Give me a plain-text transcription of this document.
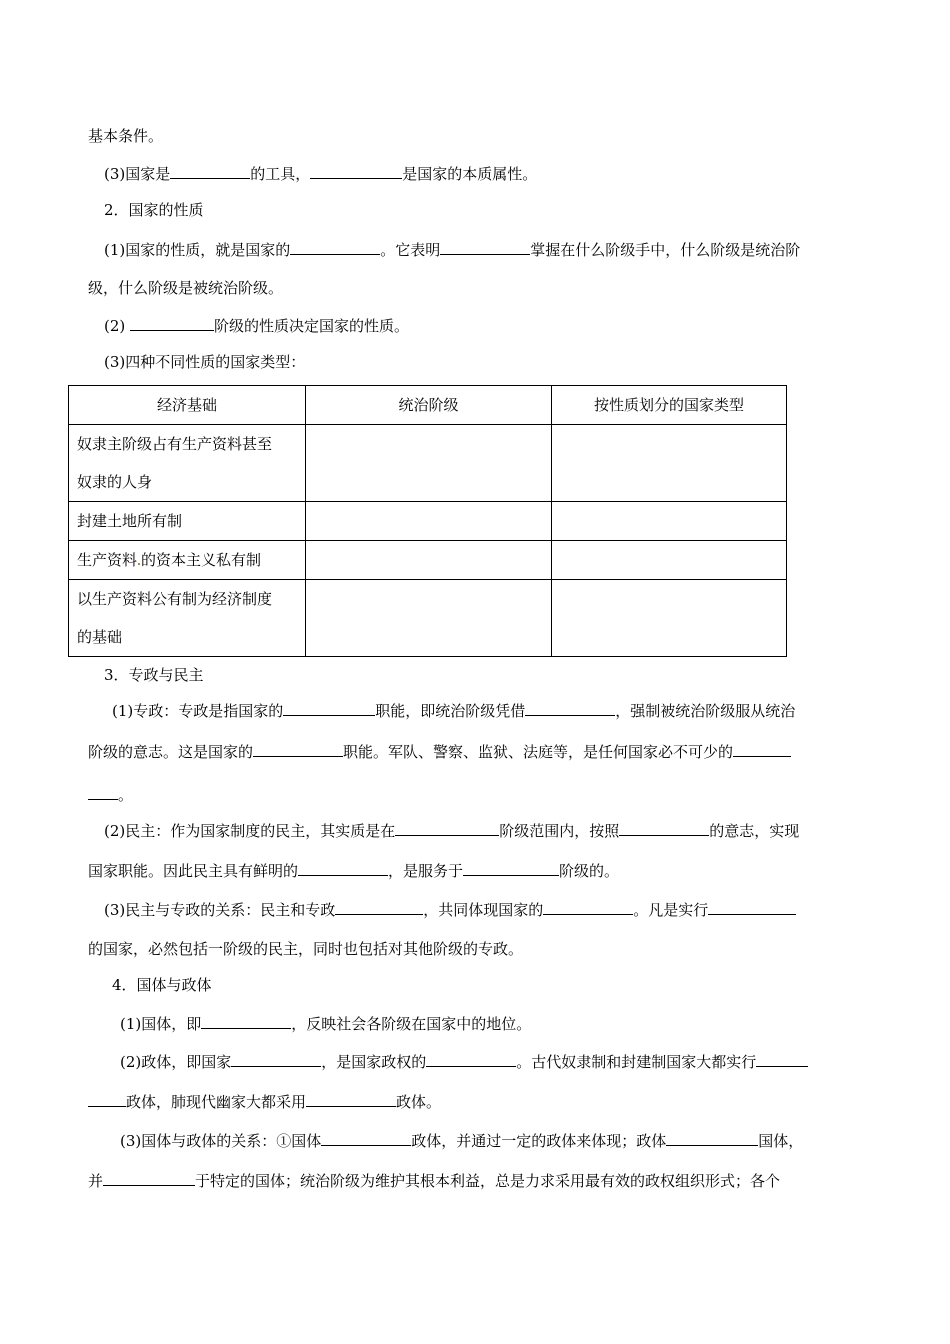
基本条件。
(3)国家是	的工具，	是国家的本质属性。
2．国家的性质
(1)国家的性质，就是国家的	。它表明	掌握在什么阶级手中，什么阶级是统治阶
级，什么阶级是被统治阶级。
(2)	阶级的性质决定国家的性质。
(3)四种不同性质的国家类型：
经济基础	统治阶级	按性质划分的国家类型

奴隶主阶级占有生产资料甚至
奴隶的人身		

封建土地所有制		
生产资料 的资本主义私有制		

以生产资料公有制为经济制度
的基础		

3．专政与民主
(1)专政：专政是指国家的	职能，即统治阶级凭借	，强制被统治阶级服从统治
阶级的意志。这是国家的	职能。军队、警察、监狱、法庭等，是任何国家必不可少的
。
(2)民主：作为国家制度的民主，其实质是在	阶级范围内，按照	的意志，实现
国家职能。因此民主具有鲜明的	，是服务于	阶级的。
(3)民主与专政的关系：民主和专政	，共同体现国家的	。凡是实行
的国家，必然包括一阶级的民主，同时也包括对其他阶级的专政。
4．国体与政体
(1)国体，即	，反映社会各阶级在国家中的地位。
(2)政体，即国家	，是国家政权的	。古代奴隶制和封建制国家大都实行
政体，肺现代幽家大都采用	政体。
(3)国体与政体的关系：①国体	政体，并通过一定的政体来体现；政体	国体，
并	于特定的国体；统治阶级为维护其根本利益，总是力求采用最有效的政权组织形式；各个
